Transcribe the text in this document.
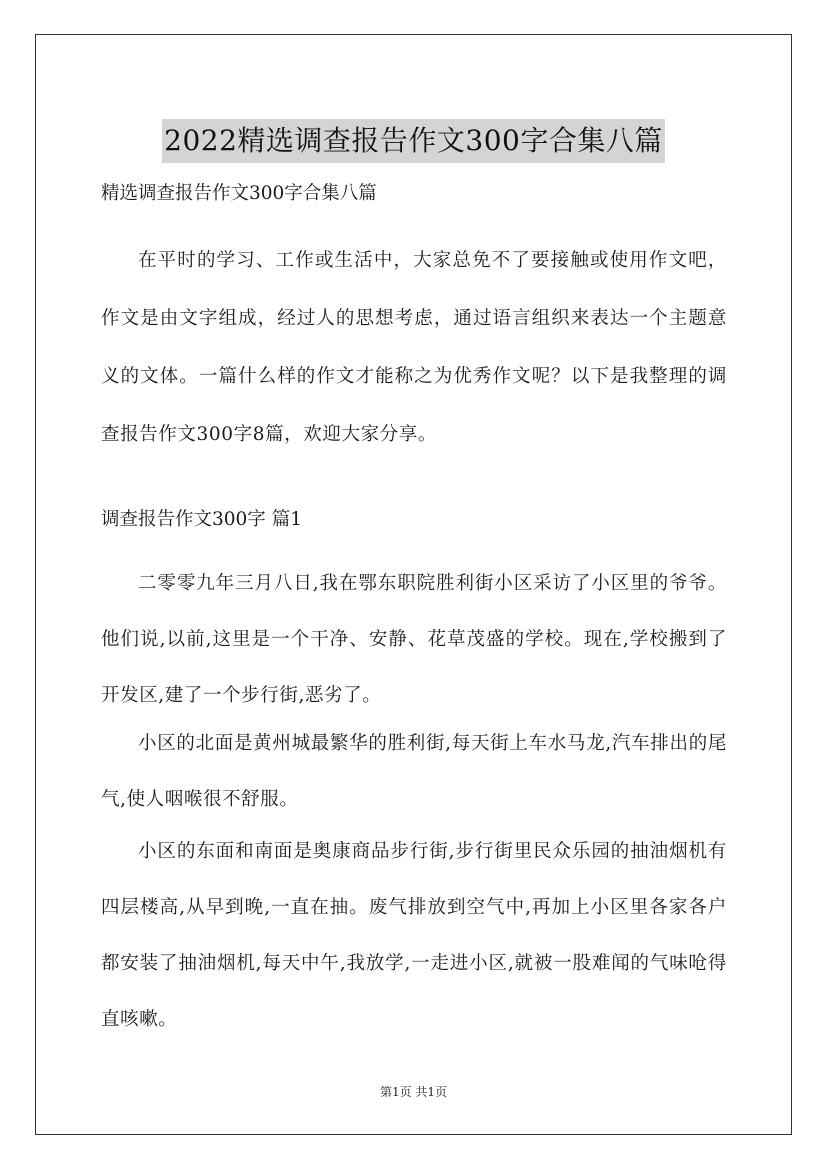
2022精选调查报告作文300字合集八篇

精选调查报告作文300字合集八篇

在平时的学习、工作或生活中，大家总免不了要接触或使用作文吧，作文是由文字组成，经过人的思想考虑，通过语言组织来表达一个主题意义的文体。一篇什么样的作文才能称之为优秀作文呢？以下是我整理的调查报告作文300字8篇，欢迎大家分享。

调查报告作文300字 篇1

二零零九年三月八日,我在鄂东职院胜利街小区采访了小区里的爷爷。他们说,以前,这里是一个干净、安静、花草茂盛的学校。现在,学校搬到了开发区,建了一个步行街,恶劣了。

小区的北面是黄州城最繁华的胜利街,每天街上车水马龙,汽车排出的尾气,使人咽喉很不舒服。

小区的东面和南面是奥康商品步行街,步行街里民众乐园的抽油烟机有四层楼高,从早到晚,一直在抽。废气排放到空气中,再加上小区里各家各户都安装了抽油烟机,每天中午,我放学,一走进小区,就被一股难闻的气味呛得直咳嗽。

第1页 共1页
